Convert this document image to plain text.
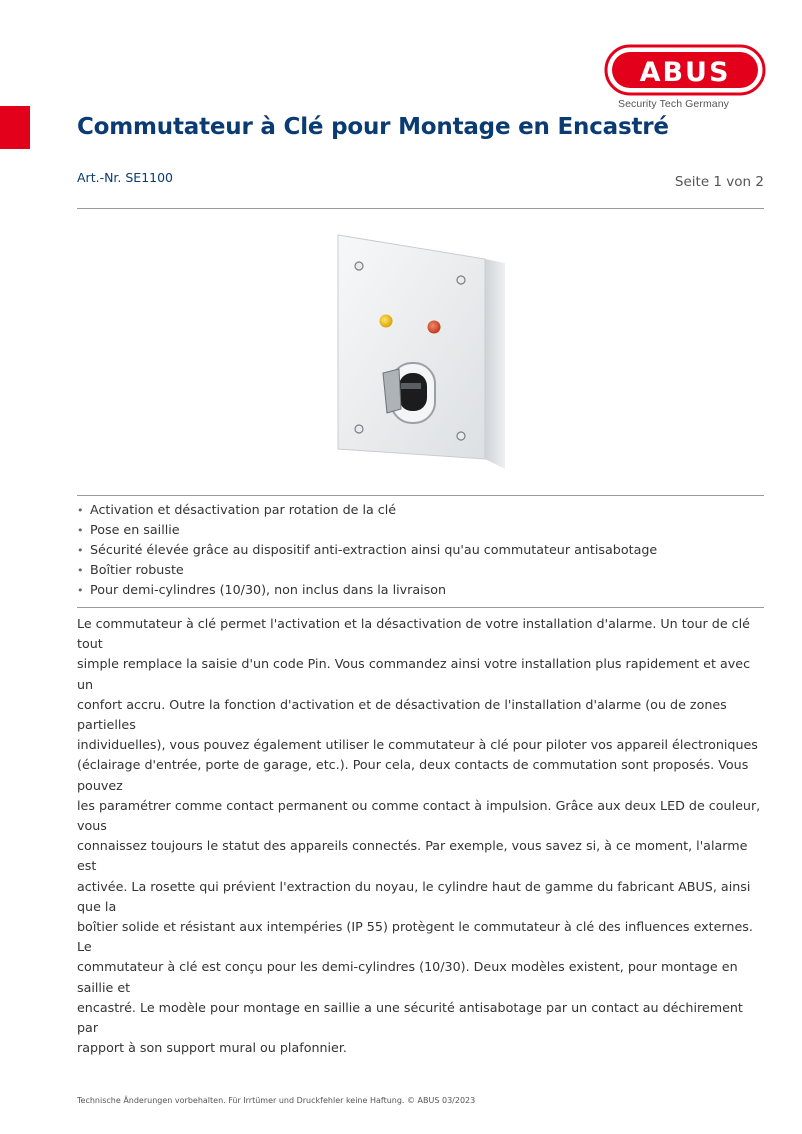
ABUS
Security Tech Germany
Commutateur à Clé pour Montage en Encastré
Art.-Nr. SE1100	Seite 1 von 2
• Activation et désactivation par rotation de la clé
• Pose en saillie
• Sécurité élevée grâce au dispositif anti-extraction ainsi qu'au commutateur antisabotage
• Boîtier robuste
• Pour demi-cylindres (10/30), non inclus dans la livraison
Le commutateur à clé permet l'activation et la désactivation de votre installation d'alarme. Un tour de clé tout
simple remplace la saisie d'un code Pin. Vous commandez ainsi votre installation plus rapidement et avec un
confort accru. Outre la fonction d'activation et de désactivation de l'installation d'alarme (ou de zones partielles
individuelles), vous pouvez également utiliser le commutateur à clé pour piloter vos appareil électroniques
(éclairage d'entrée, porte de garage, etc.). Pour cela, deux contacts de commutation sont proposés. Vous pouvez
les paramétrer comme contact permanent ou comme contact à impulsion. Grâce aux deux LED de couleur, vous
connaissez toujours le statut des appareils connectés. Par exemple, vous savez si, à ce moment, l'alarme est
activée. La rosette qui prévient l'extraction du noyau, le cylindre haut de gamme du fabricant ABUS, ainsi que la
boîtier solide et résistant aux intempéries (IP 55) protègent le commutateur à clé des influences externes. Le
commutateur à clé est conçu pour les demi-cylindres (10/30). Deux modèles existent, pour montage en saillie et
encastré. Le modèle pour montage en saillie a une sécurité antisabotage par un contact au déchirement par
rapport à son support mural ou plafonnier.
Technische Änderungen vorbehalten. Für Irrtümer und Druckfehler keine Haftung. © ABUS 03/2023
